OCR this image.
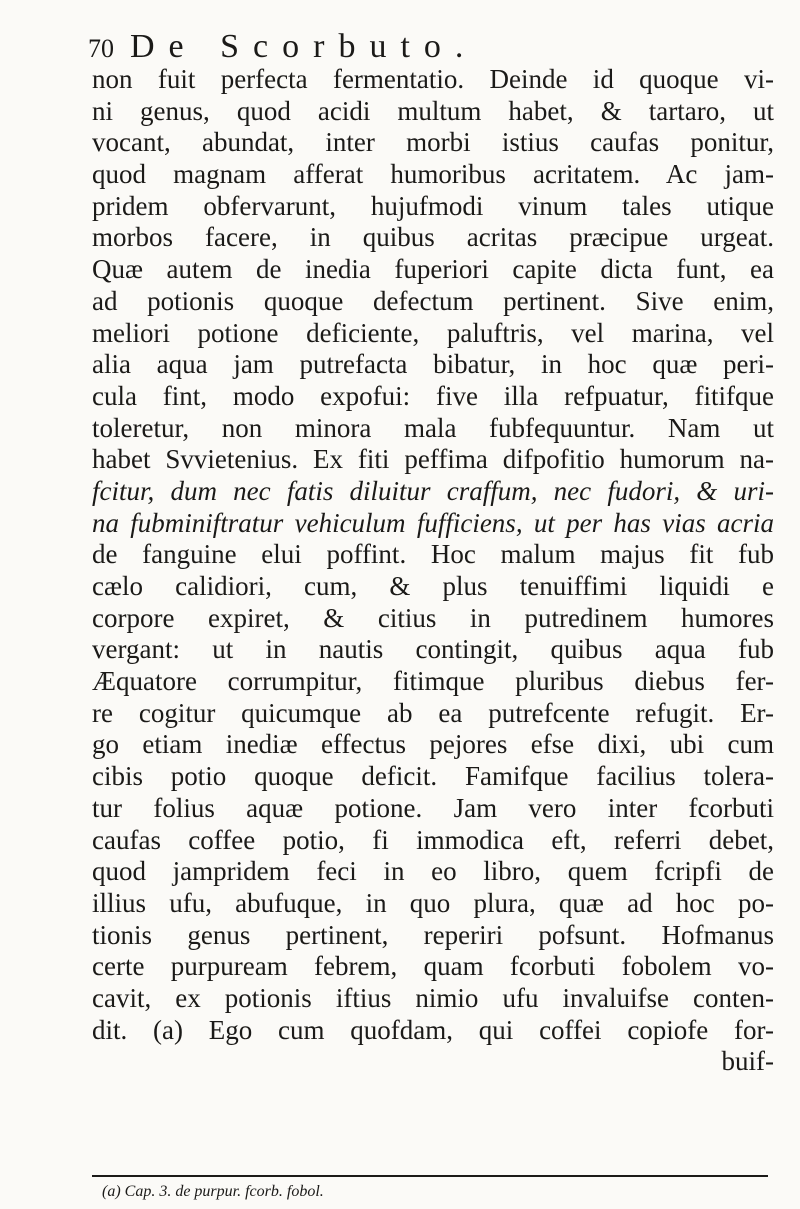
70 De Scorbuto.
non fuit perfecta fermentatio. Deinde id quoque vi-
ni genus, quod acidi multum habet, & tartaro, ut
vocant, abundat, inter morbi istius caufas ponitur,
quod magnam afferat humoribus acritatem. Ac jam-
pridem obfervarunt, hujufmodi vinum tales utique
morbos facere, in quibus acritas præcipue urgeat.
Quæ autem de inedia fuperiori capite dicta funt, ea
ad potionis quoque defectum pertinent. Sive enim,
meliori potione deficiente, paluftris, vel marina, vel
alia aqua jam putrefacta bibatur, in hoc quæ peri-
cula fint, modo expofui: five illa refpuatur, fitifque
toleretur, non minora mala fubfequuntur. Nam ut
habet Svvietenius. Ex fiti peffima difpofitio humorum na-
fcitur, dum nec fatis diluitur craffum, nec fudori, & uri-
na fubminiftratur vehiculum fufficiens, ut per has vias acria
de fanguine elui poffint. Hoc malum majus fit fub
cælo calidiori, cum, & plus tenuiffimi liquidi e
corpore expiret, & citius in putredinem humores
vergant: ut in nautis contingit, quibus aqua fub
Æquatore corrumpitur, fitimque pluribus diebus fer-
re cogitur quicumque ab ea putrefcente refugit. Er-
go etiam inediæ effectus pejores efse dixi, ubi cum
cibis potio quoque deficit. Famifque facilius tolera-
tur folius aquæ potione. Jam vero inter fcorbuti
caufas coffee potio, fi immodica eft, referri debet,
quod jampridem feci in eo libro, quem fcripfi de
illius ufu, abufuque, in quo plura, quæ ad hoc po-
tionis genus pertinent, reperiri pofsunt. Hofmanus
certe purpuream febrem, quam fcorbuti fobolem vo-
cavit, ex potionis iftius nimio ufu invaluifse conten-
dit. (a) Ego cum quofdam, qui coffei copiofe for-
buif-
(a) Cap. 3. de purpur. fcorb. fobol.
